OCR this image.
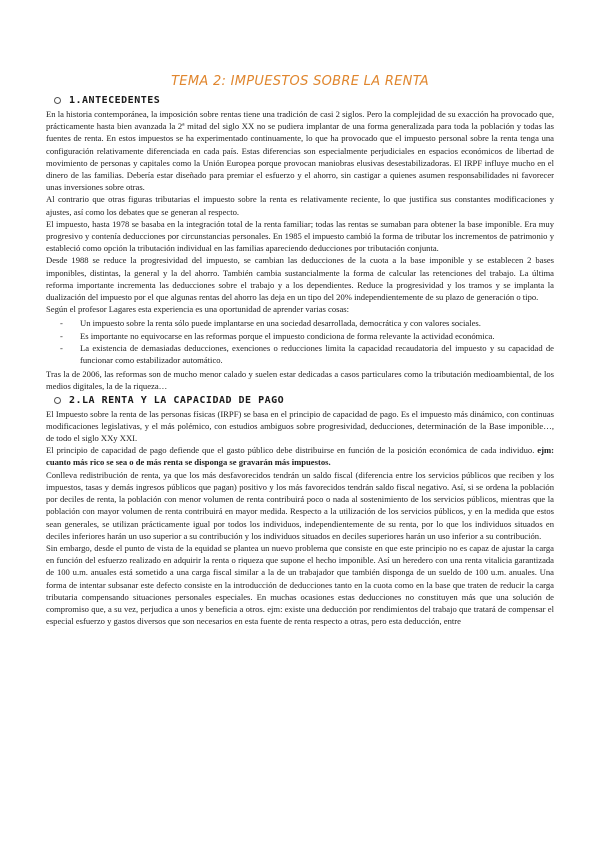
TEMA 2: IMPUESTOS SOBRE LA RENTA
1.ANTECEDENTES

En la historia contemporánea, la imposición sobre rentas tiene una tradición de casi 2 siglos. Pero la complejidad de su exacción ha provocado que, prácticamente hasta bien avanzada la 2ª mitad del siglo XX no se pudiera implantar de una forma generalizada para toda la población y todas las fuentes de renta. En estos impuestos se ha experimentado continuamente, lo que ha provocado que el impuesto personal sobre la renta tenga una configuración relativamente diferenciada en cada país. Estas diferencias son especialmente perjudiciales en espacios económicos de libertad de movimiento de personas y capitales como la Unión Europea porque provocan maniobras elusivas desestabilizadoras. El IRPF influye mucho en el dinero de las familias. Debería estar diseñado para premiar el esfuerzo y el ahorro, sin castigar a quienes asumen responsabilidades ni favorecer unas inversiones sobre otras.

Al contrario que otras figuras tributarias el impuesto sobre la renta es relativamente reciente, lo que justifica sus constantes modificaciones y ajustes, así como los debates que se generan al respecto.

El impuesto, hasta 1978 se basaba en la integración total de la renta familiar; todas las rentas se sumaban para obtener la base imponible. Era muy progresivo y contenía deducciones por circunstancias personales. En 1985 el impuesto cambió la forma de tributar los incrementos de patrimonio y estableció como opción la tributación individual en las familias apareciendo deducciones por tributación conjunta.

Desde 1988 se reduce la progresividad del impuesto, se cambian las deducciones de la cuota a la base imponible y se establecen 2 bases imponibles, distintas, la general y la del ahorro. También cambia sustancialmente la forma de calcular las retenciones del trabajo. La última reforma importante incrementa las deducciones sobre el trabajo y a los dependientes. Reduce la progresividad y los tramos y se implanta la dualización del impuesto por el que algunas rentas del ahorro las deja en un tipo del 20% independientemente de su plazo de generación o tipo.

Según el profesor Lagares esta experiencia es una oportunidad de aprender varias cosas:

- Un impuesto sobre la renta sólo puede implantarse en una sociedad desarrollada, democrática y con valores sociales.
- Es importante no equivocarse en las reformas porque el impuesto condiciona de forma relevante la actividad económica.
- La existencia de demasiadas deducciones, exenciones o reducciones limita la capacidad recaudatoria del impuesto y su capacidad de funcionar como estabilizador automático.

Tras la de 2006, las reformas son de mucho menor calado y suelen estar dedicadas a casos particulares como la tributación medioambiental, de los medios digitales, la de la riqueza…

2.LA RENTA Y LA CAPACIDAD DE PAGO

El Impuesto sobre la renta de las personas físicas (IRPF) se basa en el principio de capacidad de pago. Es el impuesto más dinámico, con continuas modificaciones legislativas, y el más polémico, con estudios ambiguos sobre progresividad, deducciones, determinación de la Base imponible…, de todo el siglo XXy XXI.

El principio de capacidad de pago defiende que el gasto público debe distribuirse en función de la posición económica de cada individuo. ejm: cuanto más rico se sea o de más renta se disponga se gravarán más impuestos.

Conlleva redistribución de renta, ya que los más desfavorecidos tendrán un saldo fiscal (diferencia entre los servicios públicos que reciben y los impuestos, tasas y demás ingresos públicos que pagan) positivo y los más favorecidos tendrán saldo fiscal negativo. Así, si se ordena la población por deciles de renta, la población con menor volumen de renta contribuirá poco o nada al sostenimiento de los servicios públicos, mientras que la población con mayor volumen de renta contribuirá en mayor medida. Respecto a la utilización de los servicios públicos, y en la medida que estos sean generales, se utilizan prácticamente igual por todos los individuos, independientemente de su renta, por lo que los individuos situados en deciles inferiores harán un uso superior a su contribución y los individuos situados en deciles superiores harán un uso inferior a su contribución.

Sin embargo, desde el punto de vista de la equidad se plantea un nuevo problema que consiste en que este principio no es capaz de ajustar la carga en función del esfuerzo realizado en adquirir la renta o riqueza que supone el hecho imponible. Así un heredero con una renta vitalicia garantizada de 100 u.m. anuales está sometido a una carga fiscal similar a la de un trabajador que también disponga de un sueldo de 100 u.m. anuales. Una forma de intentar subsanar este defecto consiste en la introducción de deducciones tanto en la cuota como en la base que traten de reducir la carga tributaria compensando situaciones personales especiales. En muchas ocasiones estas deducciones no constituyen más que una solución de compromiso que, a su vez, perjudica a unos y beneficia a otros. ejm: existe una deducción por rendimientos del trabajo que tratará de compensar el especial esfuerzo y gastos diversos que son necesarios en esta fuente de renta respecto a otras, pero esta deducción, entre
